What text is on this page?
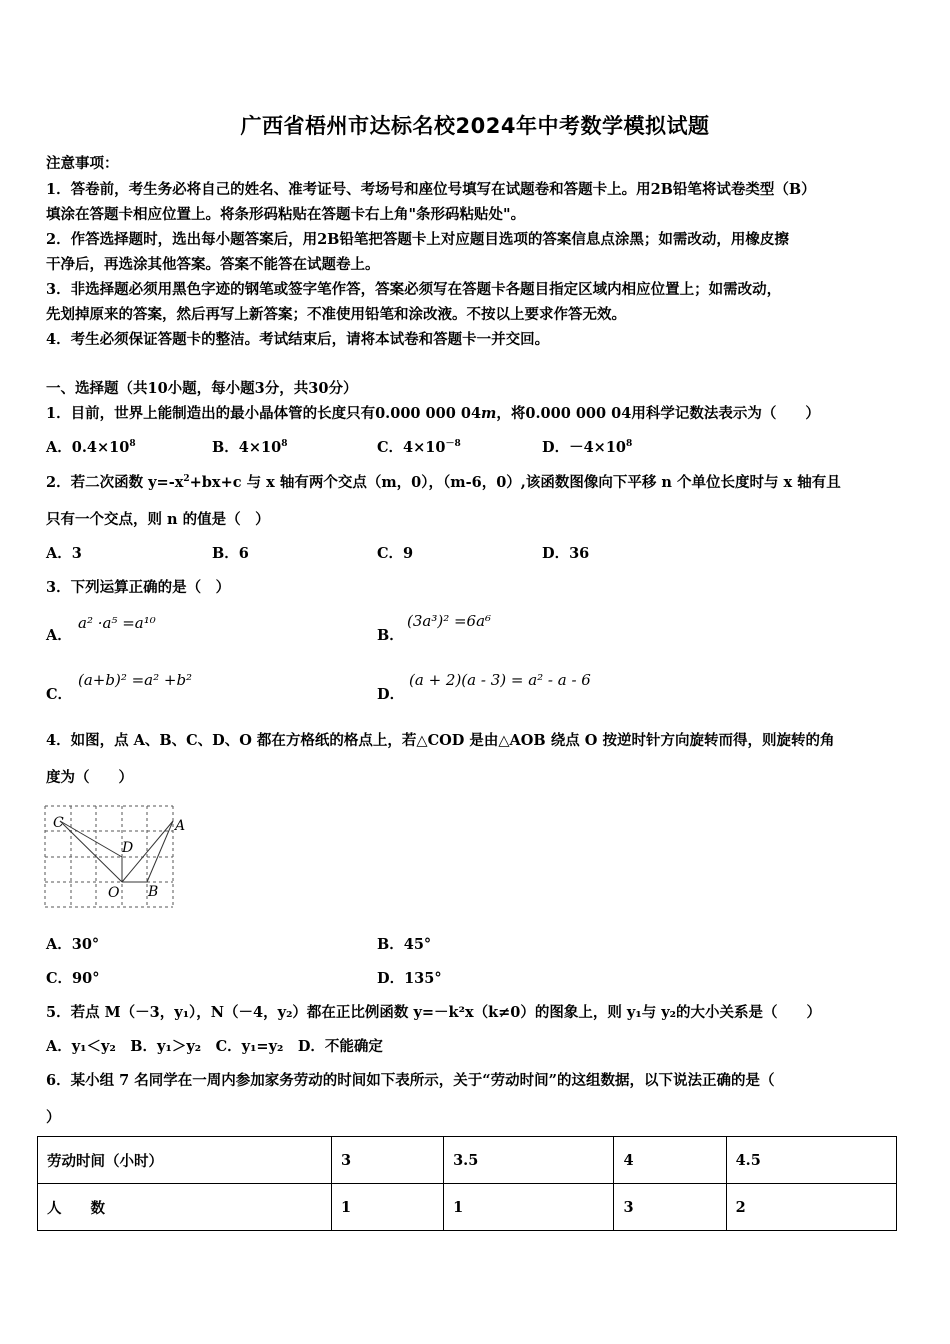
广西省梧州市达标名校2024年中考数学模拟试题
注意事项：
1．答卷前，考生务必将自己的姓名、准考证号、考场号和座位号填写在试题卷和答题卡上。用2B铅笔将试卷类型（B）
填涂在答题卡相应位置上。将条形码粘贴在答题卡右上角"条形码粘贴处"。
2．作答选择题时，选出每小题答案后，用2B铅笔把答题卡上对应题目选项的答案信息点涂黑；如需改动，用橡皮擦
干净后，再选涂其他答案。答案不能答在试题卷上。
3．非选择题必须用黑色字迹的钢笔或签字笔作答，答案必须写在答题卡各题目指定区域内相应位置上；如需改动，
先划掉原来的答案，然后再写上新答案；不准使用铅笔和涂改液。不按以上要求作答无效。
4．考生必须保证答题卡的整洁。考试结束后，请将本试卷和答题卡一并交回。
一、选择题（共10小题，每小题3分，共30分）
1．目前，世界上能制造出的最小晶体管的长度只有0.000 000 04m，将0.000 000 04用科学记数法表示为（　　）
A．$0.4\times 10^8$	B．$4\times 10^8$	C．$4\times 10^{-8}$	D．$-4\times 10^8$
2．若二次函数 $y=-x^2+bx+c$ 与 x 轴有两个交点（m，0），（m-6，0）,该函数图像向下平移 n 个单位长度时与 x 轴有且
只有一个交点，则 n 的值是（　）
A．3	B．6	C．9	D．36
3．下列运算正确的是（　）
A．
a² ·a⁵ =a¹⁰
B．
(3a³)² =6a⁶
C．
(a+b)² =a² +b²
D．
(a + 2)(a - 3) = a² - a - 6
4．如图，点 A、B、C、D、O 都在方格纸的格点上，若△COD 是由△AOB 绕点 O 按逆时针方向旋转而得，则旋转的角
度为（　　）
C
D
A
O B
A．30°	B．45°
C．90°	D．135°
5．若点 M（－3，y₁），N（－4，y₂）都在正比例函数 y=－k²x（k≠0）的图象上，则 y₁与 y₂的大小关系是（　　）
A．y₁＜y₂　B．y₁＞y₂　C．y₁=y₂　D．不能确定
6．某小组 7 名同学在一周内参加家务劳动的时间如下表所示，关于“劳动时间”的这组数据，以下说法正确的是（
）
劳动时间（小时）	3	3.5	4	4.5
人　　数	1	1	3	2
